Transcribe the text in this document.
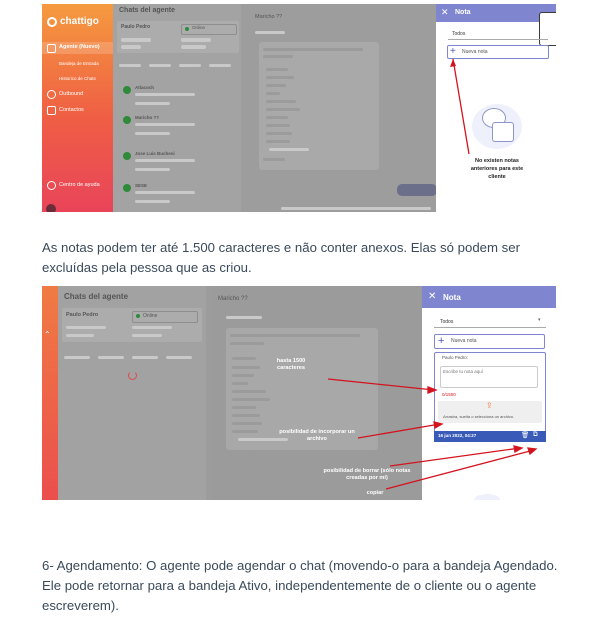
chattigo
Agente (Nuevo)
Bandeja de Entrada
Historico de Chats
Outbound
Contactos
Centro de ayuda
Chats del agente
Paulo Pedro	Online
Atlacoch
Maricho ??
Jose Luis Bucheni
SESE
Maricho ??	✕ Nota
Todos
+ Nueva nota
No existen notas anteriores para este cliente

As notas podem ter até 1.500 caracteres e não conter anexos. Elas só podem ser excluídas pela pessoa que as criou.

⌃
Chats del agente
Paulo Pedro	Online
Maricho ??	✕ Nota
Todos	▾
+ Nueva nota
Paulo Pedro:
Escribe tu nota aquí
0/1500
⇪
Arrastra, suelta o selecciona un archivo.
16 jun 2022, 04:27	🗑 ⧉
hasta 1500 caracteres
posibilidad de incorporar un archivo
posibilidad de borrar (sólo notas creadas por mí)
copiar

6- Agendamento: O agente pode agendar o chat (movendo-o para a bandeja Agendado. Ele pode retornar para a bandeja Ativo, independentemente de o cliente ou o agente escreverem).
